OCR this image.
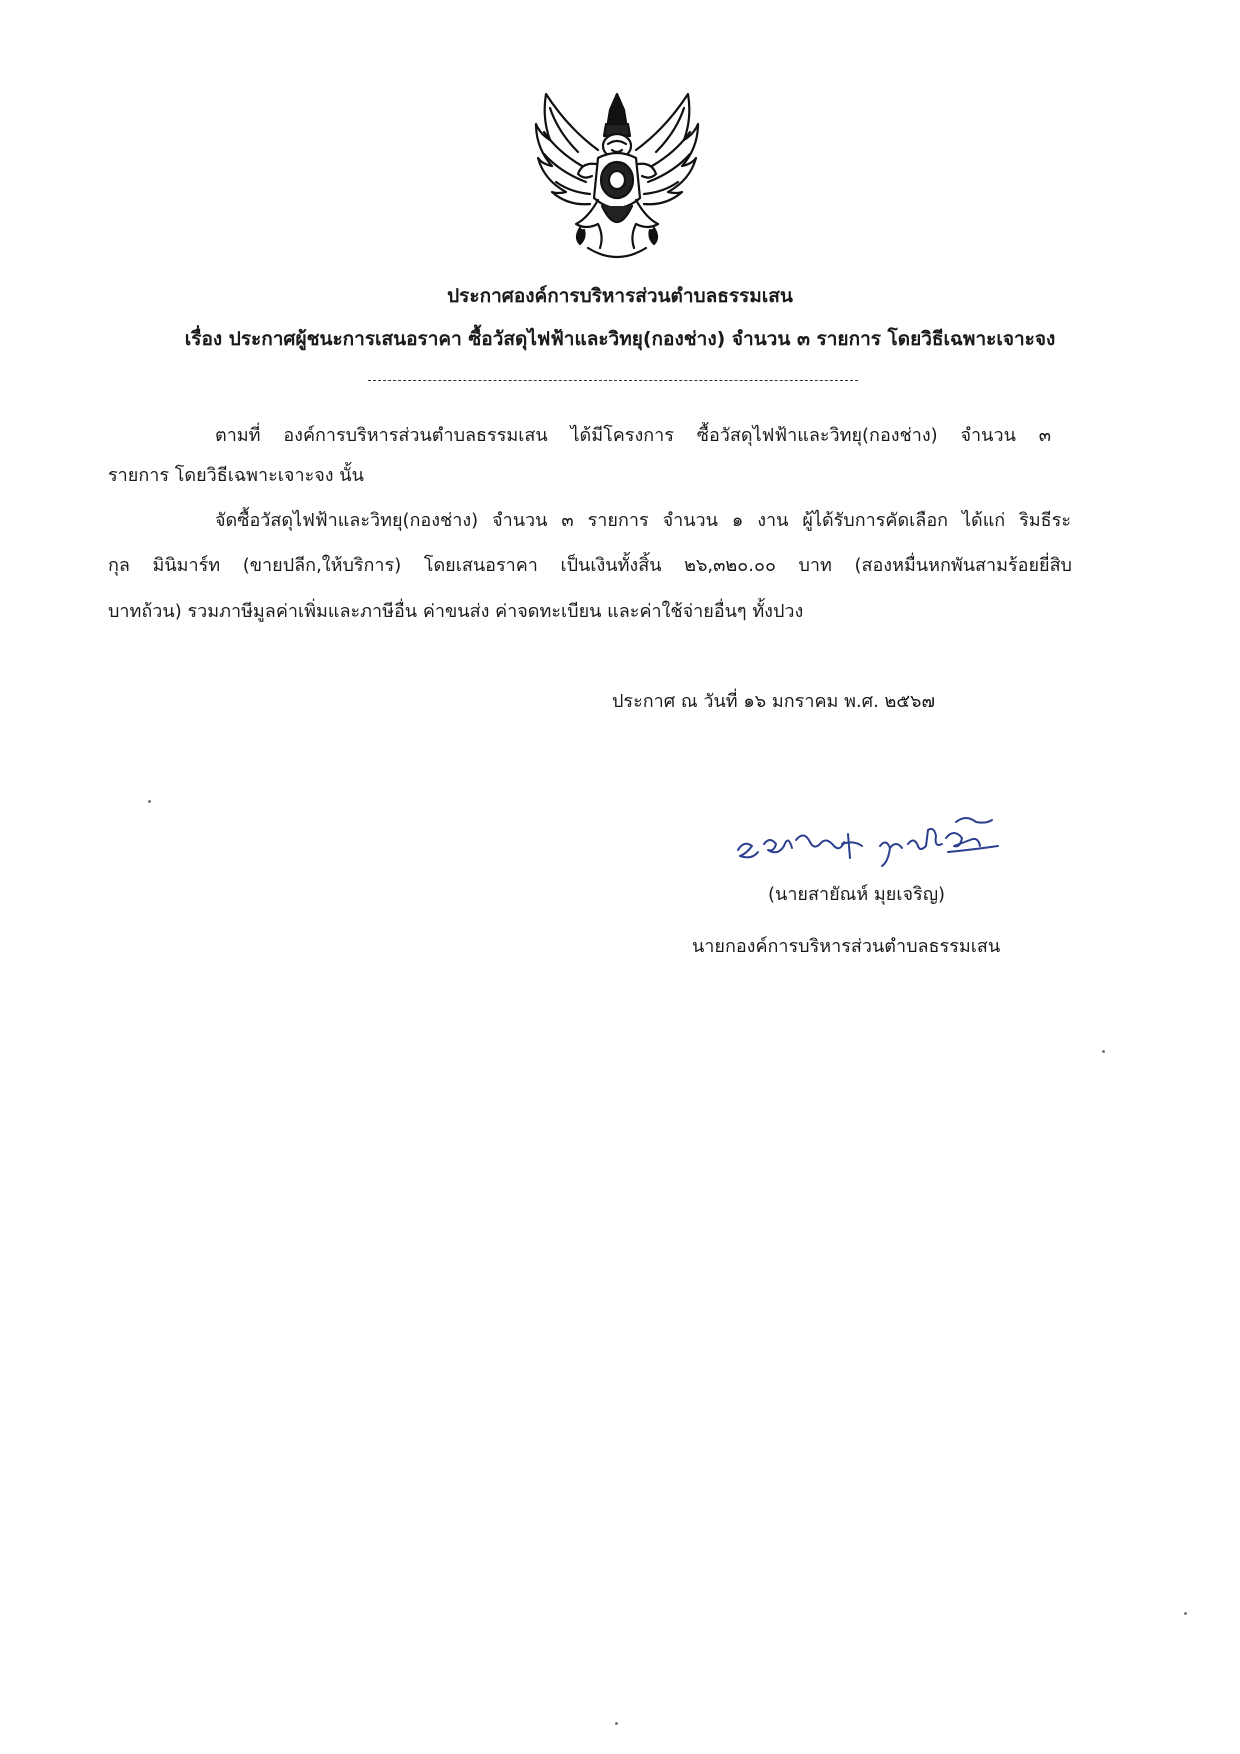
ประกาศองค์การบริหารส่วนตำบลธรรมเสน
เรื่อง ประกาศผู้ชนะการเสนอราคา ซื้อวัสดุไฟฟ้าและวิทยุ(กองช่าง) จำนวน ๓ รายการ โดยวิธีเฉพาะเจาะจง
ตามที่ องค์การบริหารส่วนตำบลธรรมเสน ได้มีโครงการ ซื้อวัสดุไฟฟ้าและวิทยุ(กองช่าง) จำนวน ๓
รายการ โดยวิธีเฉพาะเจาะจง นั้น
จัดซื้อวัสดุไฟฟ้าและวิทยุ(กองช่าง) จำนวน ๓ รายการ จำนวน ๑ งาน ผู้ได้รับการคัดเลือก ได้แก่ ริมธีระ
กุล มินิมาร์ท (ขายปลีก,ให้บริการ) โดยเสนอราคา เป็นเงินทั้งสิ้น ๒๖,๓๒๐.๐๐ บาท (สองหมื่นหกพันสามร้อยยี่สิบ
บาทถ้วน) รวมภาษีมูลค่าเพิ่มและภาษีอื่น ค่าขนส่ง ค่าจดทะเบียน และค่าใช้จ่ายอื่นๆ ทั้งปวง
ประกาศ ณ วันที่ ๑๖ มกราคม พ.ศ. ๒๕๖๗
(นายสายัณห์ มุยเจริญ)
นายกองค์การบริหารส่วนตำบลธรรมเสน
